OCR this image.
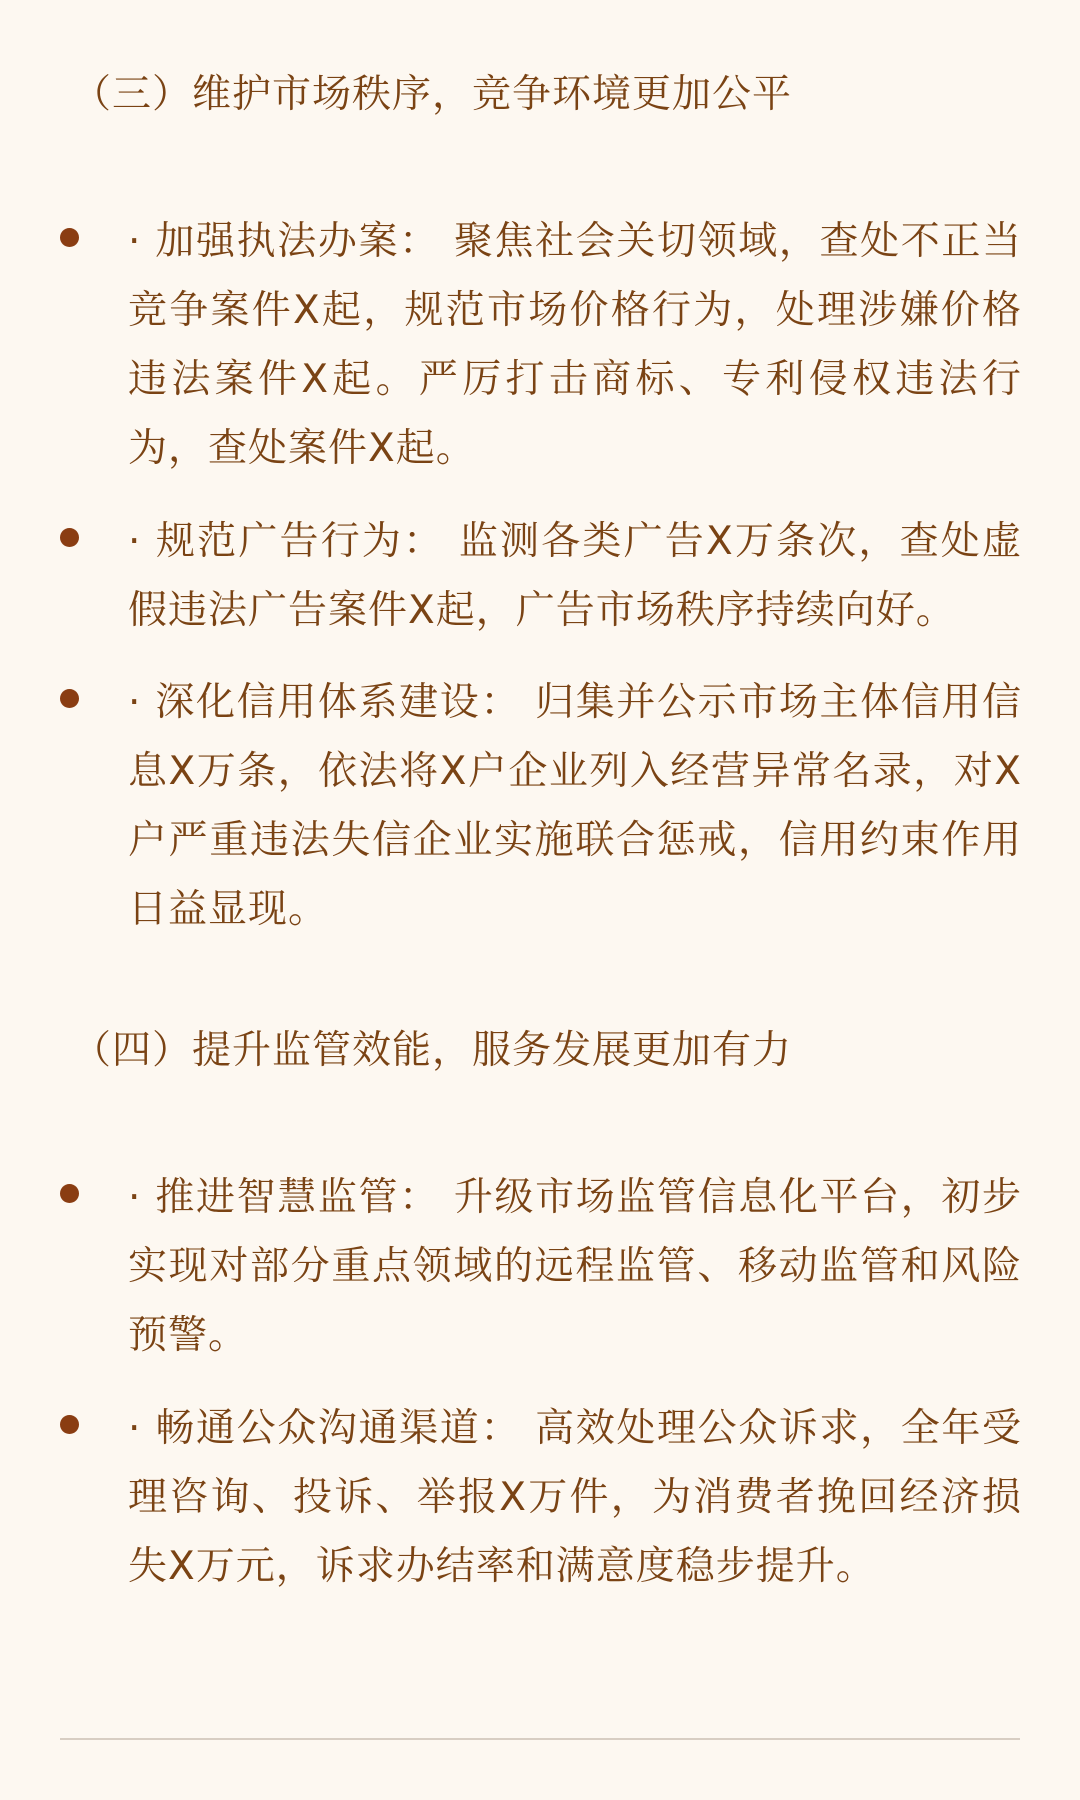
（三）维护市场秩序，竞争环境更加公平
· 加强执法办案： 聚焦社会关切领域，查处不正当竞争案件X起，规范市场价格行为，处理涉嫌价格违法案件X起。严厉打击商标、专利侵权违法行为，查处案件X起。
· 规范广告行为： 监测各类广告X万条次，查处虚假违法广告案件X起，广告市场秩序持续向好。
· 深化信用体系建设： 归集并公示市场主体信用信息X万条，依法将X户企业列入经营异常名录，对X户严重违法失信企业实施联合惩戒，信用约束作用日益显现。
（四）提升监管效能，服务发展更加有力
· 推进智慧监管： 升级市场监管信息化平台，初步实现对部分重点领域的远程监管、移动监管和风险预警。
· 畅通公众沟通渠道： 高效处理公众诉求，全年受理咨询、投诉、举报X万件，为消费者挽回经济损失X万元，诉求办结率和满意度稳步提升。
